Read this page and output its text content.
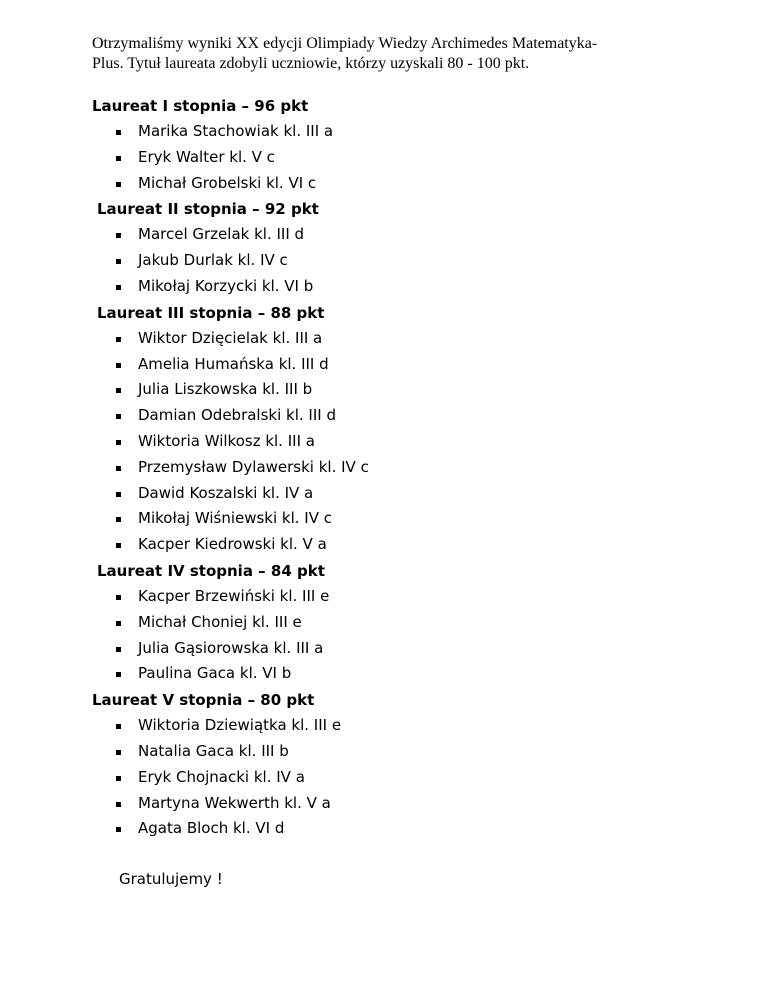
Otrzymaliśmy wyniki XX edycji Olimpiady Wiedzy Archimedes Matematyka-
Plus. Tytuł laureata zdobyli uczniowie, którzy uzyskali 80 - 100 pkt.
Laureat I stopnia – 96 pkt
Marika Stachowiak kl. III a
Eryk Walter kl. V c
Michał Grobelski kl. VI c
Laureat II stopnia – 92 pkt
Marcel Grzelak kl. III d
Jakub Durlak kl. IV c
Mikołaj Korzycki kl. VI b
Laureat III stopnia – 88 pkt
Wiktor Dzięcielak kl. III a
Amelia Humańska kl. III d
Julia Liszkowska kl. III b
Damian Odebralski kl. III d
Wiktoria Wilkosz kl. III a
Przemysław Dylawerski kl. IV c
Dawid Koszalski kl. IV a
Mikołaj Wiśniewski kl. IV c
Kacper Kiedrowski kl. V a
Laureat IV stopnia – 84 pkt
Kacper Brzewiński kl. III e
Michał Choniej kl. III e
Julia Gąsiorowska kl. III a
Paulina Gaca kl. VI b
Laureat V stopnia – 80 pkt
Wiktoria Dziewiątka kl. III e
Natalia Gaca kl. III b
Eryk Chojnacki kl. IV a
Martyna Wekwerth kl. V a
Agata Bloch kl. VI d
Gratulujemy !
